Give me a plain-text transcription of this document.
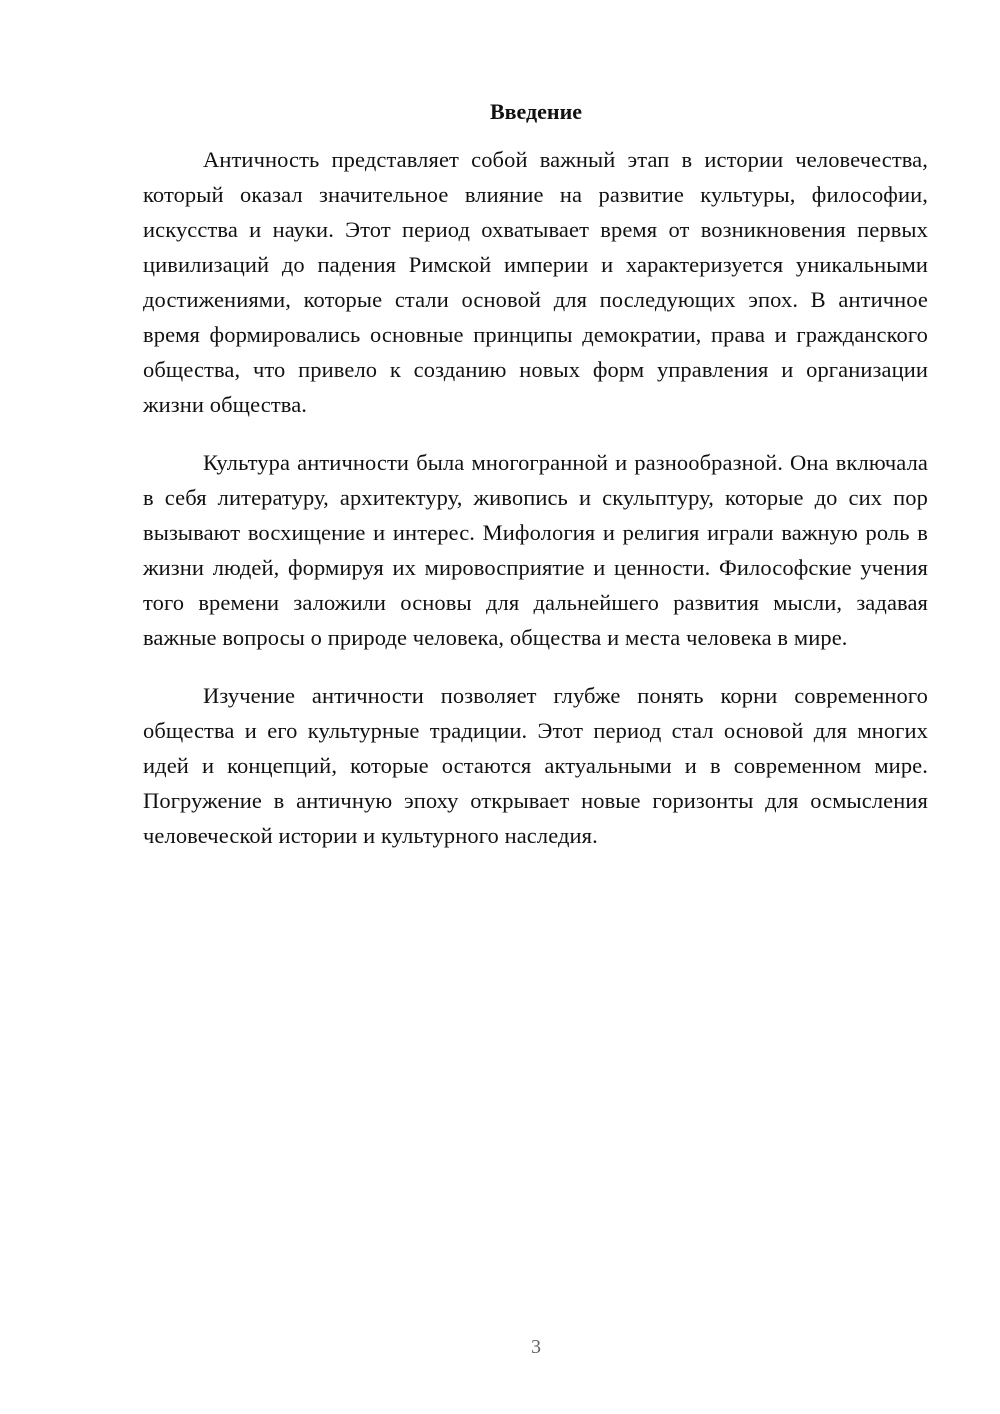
Введение

Античность представляет собой важный этап в истории человечества, который оказал значительное влияние на развитие культуры, философии, искусства и науки. Этот период охватывает время от возникновения первых цивилизаций до падения Римской империи и характеризуется уникальными достижениями, которые стали основой для последующих эпох. В античное время формировались основные принципы демократии, права и гражданского общества, что привело к созданию новых форм управления и организации жизни общества.

Культура античности была многогранной и разнообразной. Она включала в себя литературу, архитектуру, живопись и скульптуру, которые до сих пор вызывают восхищение и интерес. Мифология и религия играли важную роль в жизни людей, формируя их мировосприятие и ценности. Философские учения того времени заложили основы для дальнейшего развития мысли, задавая важные вопросы о природе человека, общества и места человека в мире.

Изучение античности позволяет глубже понять корни современного общества и его культурные традиции. Этот период стал основой для многих идей и концепций, которые остаются актуальными и в современном мире. Погружение в античную эпоху открывает новые горизонты для осмысления человеческой истории и культурного наследия.

3
